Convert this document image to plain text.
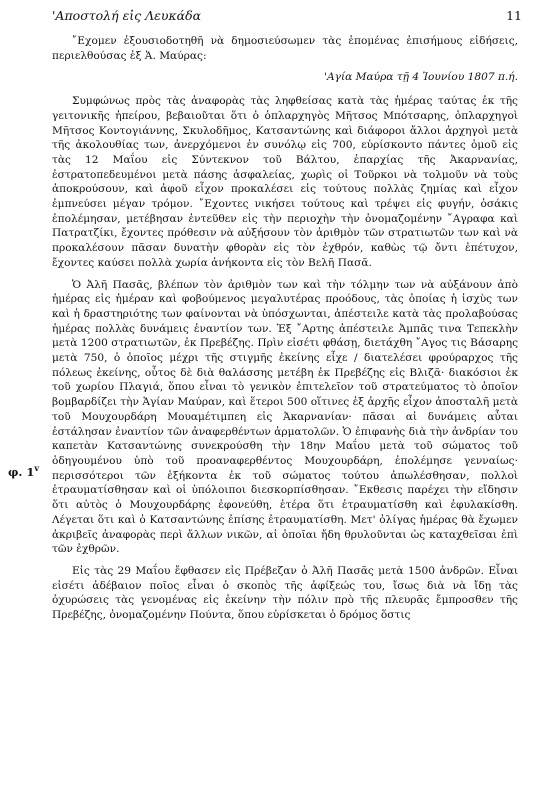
'Αποστολή εἰς Λευκάδα	11
φ. 1$^v$

῎Εχομεν ἐξουσιοδοτηθῆ νὰ δημοσιεύσωμεν τὰς ἑπομένας ἐπισήμους εἰδήσεις, περιελθούσας ἐξ Ἁ. Μαύρας:

'Αγία Μαύρα τῇ 4 Ἰουνίου 1807 π.ή.

Συμφώνως πρὸς τὰς ἀναφορὰς τὰς ληφθείσας κατὰ τὰς ἡμέρας ταύτας ἐκ τῆς γειτονικῆς ἠπείρου, βεβαιοῦται ὅτι ὁ ὁπλαρχηγὸς Μῆτσος Μπότσαρης, ὁπλαρχηγοὶ Μῆτσος Κοντογιάννης, Σκυλοδῆμος, Κατσαντώνης καὶ διάφοροι ἄλλοι ἀρχηγοὶ μετὰ τῆς ἀκολουθίας των, ἀνερχόμενοι ἐν συνόλῳ εἰς 700, εὑρίσκοντο πάντες ὁμοῦ εἰς τὰς 12 Μαΐου εἰς Σύντεκνον τοῦ Βάλτου, ἐπαρχίας τῆς Ἀκαρνανίας, ἐστρατοπεδευμένοι μετὰ πάσης ἀσφαλείας, χωρὶς οἱ Τοῦρκοι νὰ τολμοῦν νὰ τοὺς ἀποκρούσουν, καὶ ἀφοῦ εἶχον προκαλέσει εἰς τούτους πολλὰς ζημίας καὶ εἶχον ἐμπνεύσει μέγαν τρόμον. ῎Εχοντες νικήσει τούτους καὶ τρέψει εἰς φυγήν, ὁσάκις ἐπολέμησαν, μετέβησαν ἐντεῦθεν εἰς τὴν περιοχὴν τὴν ὀνομαζομένην ῎Αγραφα καὶ Πατρατζίκι, ἔχοντες πρόθεσιν νὰ αὐξήσουν τὸν ἀριθμὸν τῶν στρατιωτῶν των καὶ νὰ προκαλέσουν πᾶσαν δυνατὴν φθορὰν εἰς τὸν ἐχθρόν, καθὼς τῷ ὄντι ἐπέτυχον, ἔχοντες καύσει πολλὰ χωρία ἀνήκοντα εἰς τὸν Βελῆ Πασᾶ.

Ὁ Ἀλῆ Πασᾶς, βλέπων τὸν ἀριθμὸν των καὶ τὴν τόλμην των νὰ αὐξάνουν ἀπὸ ἡμέρας εἰς ἡμέραν καὶ φοβούμενος μεγαλυτέρας προόδους, τὰς ὁποίας ἡ ἰσχὺς των καὶ ἡ δραστηριότης των φαίνονται νὰ ὑπόσχωνται, ἀπέστειλε κατὰ τὰς προλαβούσας ἡμέρας πολλὰς δυνάμεις ἐναντίον των. Ἐξ ῎Αρτης ἀπέστειλε Ἀμπᾶς τινα Τεπεκλὴν μετὰ 1200 στρατιωτῶν, ἐκ Πρεβέζης. Πρὶν εἰσέτι φθάσῃ, διετάχθη ῎Αγος τις Βάσαρης μετὰ 750, ὁ ὁποῖος μέχρι τῆς στιγμῆς ἐκείνης εἶχε / διατελέσει φρούραρχος τῆς πόλεως ἐκείνης, οὗτος δὲ διὰ θαλάσσης μετέβη ἐκ Πρεβέζης εἰς Βλιζᾶ· διακόσιοι ἐκ τοῦ χωρίου Πλαγιά, ὅπου εἶναι τὸ γενικὸν ἐπιτελεῖον τοῦ στρατεύματος τὸ ὁποῖον βομβαρδίζει τὴν Ἁγίαν Μαύραν, καὶ ἕτεροι 500 οἵτινες ἐξ ἀρχῆς εἶχον ἀποσταλῆ μετὰ τοῦ Μουχουρδάρη Μουαμέτιμπεη εἰς Ἀκαρνανίαν· πᾶσαι αἱ δυνάμεις αὗται ἐστάλησαν ἐναντίον τῶν ἀναφερθέντων ἁρματολῶν. Ὁ ἐπιφανὴς διὰ τὴν ἀνδρίαν του καπετὰν Κατσαντώνης συνεκρούσθη τὴν 18ην Μαΐου μετὰ τοῦ σώματος τοῦ ὁδηγουμένου ὑπὸ τοῦ προαναφερθέντος Μουχουρδάρη, ἐπολέμησε γενναίως· περισσότεροι τῶν ἑξήκοντα ἐκ τοῦ σώματος τούτου ἀπωλέσθησαν, πολλοὶ ἐτραυματίσθησαν καὶ οἱ ὑπόλοιποι διεσκορπίσθησαν. ῎Εκθεσις παρέχει τὴν εἴδησιν ὅτι αὐτὸς ὁ Μουχουρδάρης ἐφονεύθη, ἑτέρα ὅτι ἐτραυματίσθη καὶ ἐφυλακίσθη. Λέγεται ὅτι καὶ ὁ Κατσαντώνης ἐπίσης ἐτραυματίσθη. Μετ' ὀλίγας ἡμέρας θὰ ἔχωμεν ἀκριβεῖς ἀναφορὰς περὶ ἄλλων νικῶν, αἱ ὁποῖαι ἤδη θρυλοῦνται ὡς καταχθεῖσαι ἐπὶ τῶν ἐχθρῶν.

Εἰς τὰς 29 Μαΐου ἔφθασεν εἰς Πρέβεζαν ὁ Ἀλῆ Πασᾶς μετὰ 1500 ἀνδρῶν. Εἶναι εἰσέτι ἀδέβαιον ποῖος εἶναι ὁ σκοπὸς τῆς ἀφίξεώς του, ἴσως διὰ νὰ ἴδῃ τὰς ὀχυρώσεις τὰς γενομένας εἰς ἐκείνην τὴν πόλιν πρὸ τῆς πλευρᾶς ἔμπροσθεν τῆς Πρεβέζης, ὀνομαζομένην Πούντα, ὅπου εὑρίσκεται ὁ δρόμος ὅστις
